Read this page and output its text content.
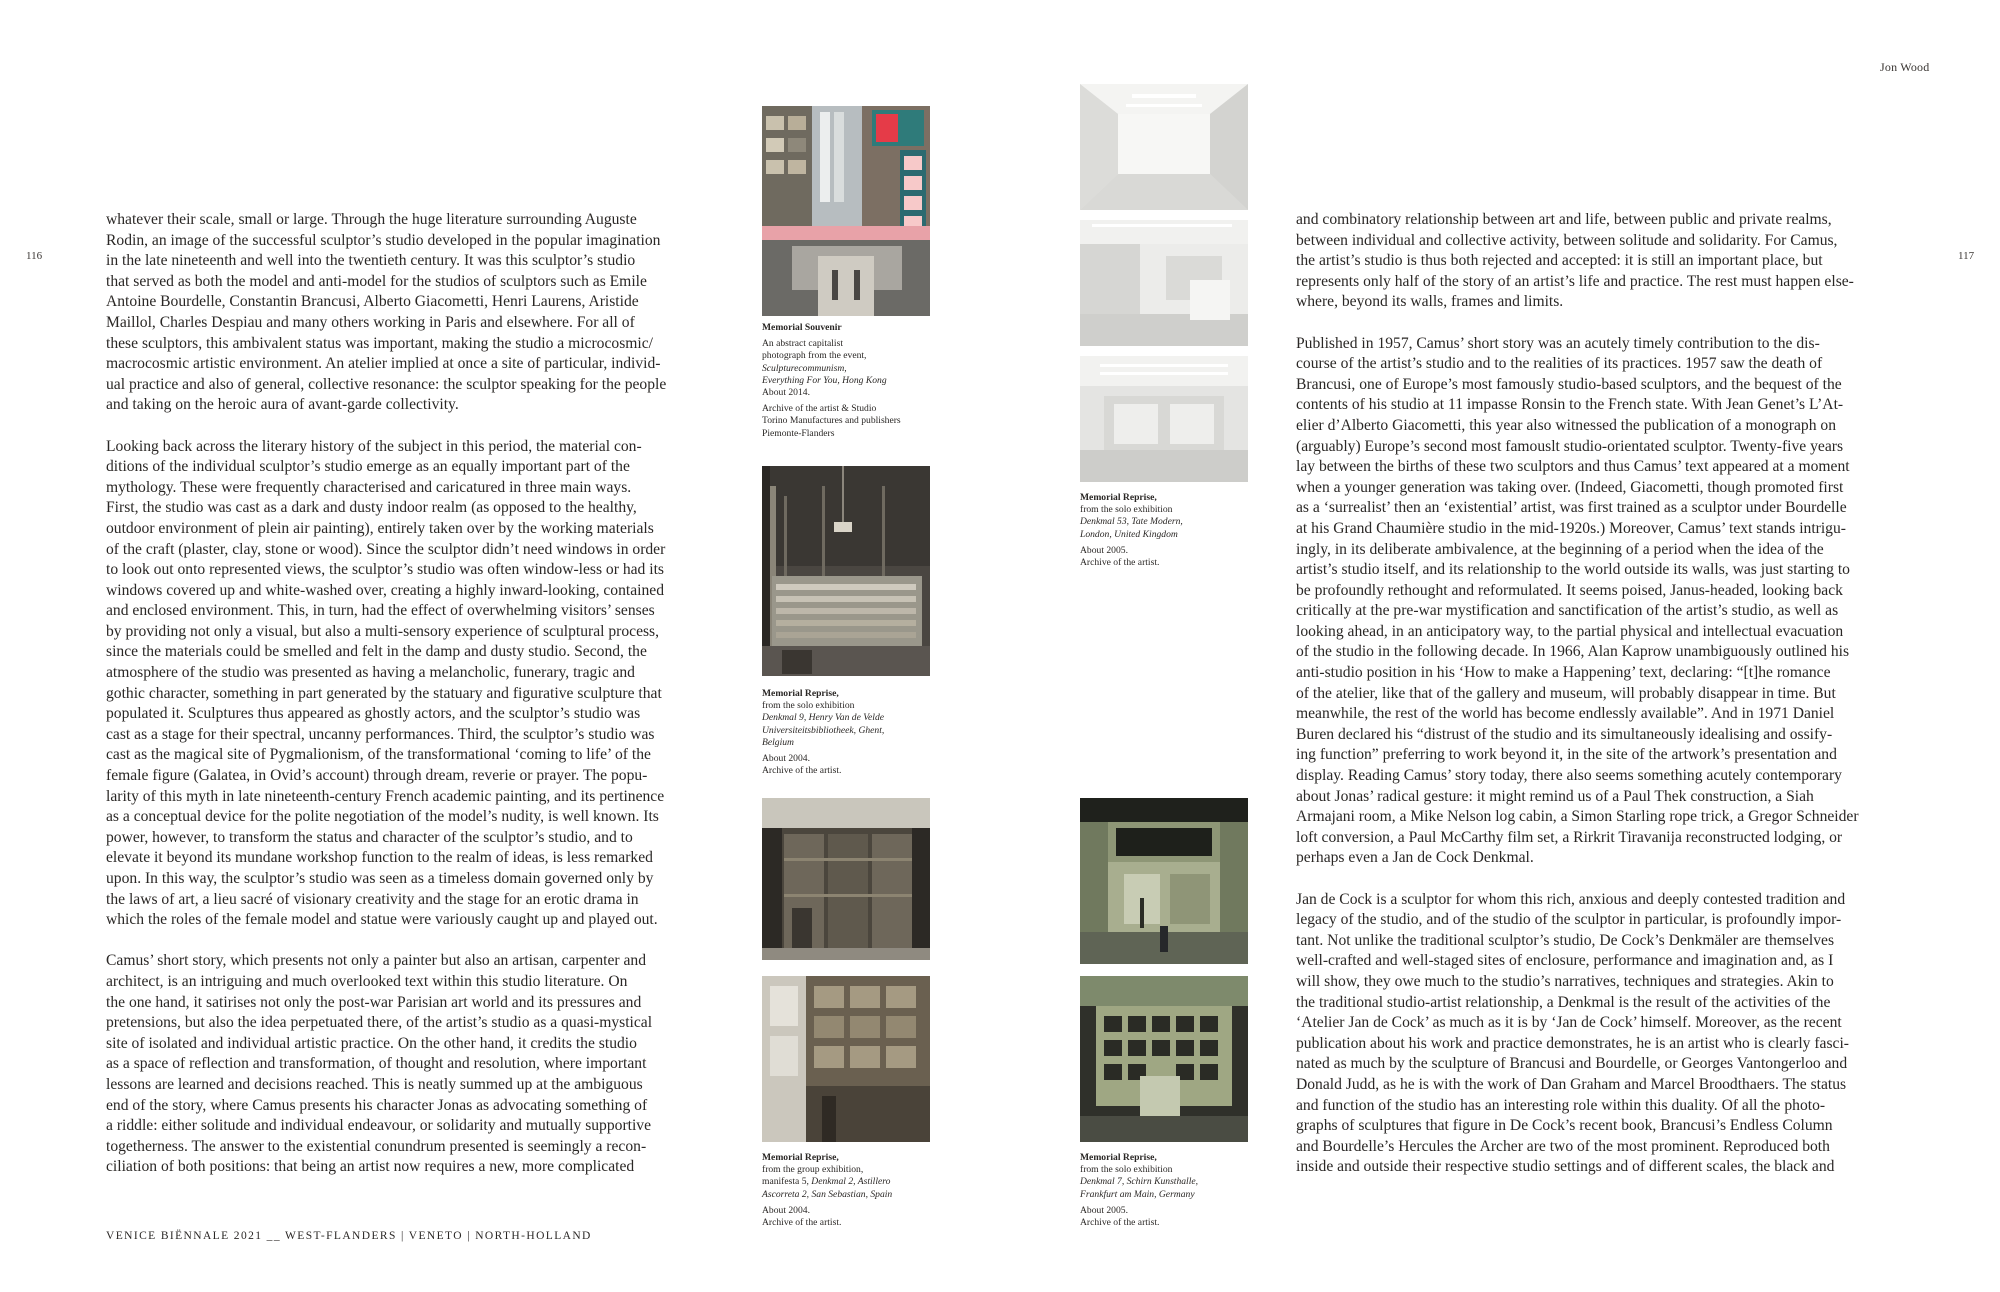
116	117
Jon Wood

whatever their scale, small or large. Through the huge literature surrounding Auguste
Rodin, an image of the successful sculptor’s studio developed in the popular imagination
in the late nineteenth and well into the twentieth century. It was this sculptor’s studio
that served as both the model and anti-model for the studios of sculptors such as Emile
Antoine Bourdelle, Constantin Brancusi, Alberto Giacometti, Henri Laurens, Aristide
Maillol, Charles Despiau and many others working in Paris and elsewhere. For all of
these sculptors, this ambivalent status was important, making the studio a microcosmic/
macrocosmic artistic environment. An atelier implied at once a site of particular, individ-
ual practice and also of general, collective resonance: the sculptor speaking for the people
and taking on the heroic aura of avant-garde collectivity.

Looking back across the literary history of the subject in this period, the material con-
ditions of the individual sculptor’s studio emerge as an equally important part of the
mythology. These were frequently characterised and caricatured in three main ways.
First, the studio was cast as a dark and dusty indoor realm (as opposed to the healthy,
outdoor environment of plein air painting), entirely taken over by the working materials
of the craft (plaster, clay, stone or wood). Since the sculptor didn’t need windows in order
to look out onto represented views, the sculptor’s studio was often window-less or had its
windows covered up and white-washed over, creating a highly inward-looking, contained
and enclosed environment. This, in turn, had the effect of overwhelming visitors’ senses
by providing not only a visual, but also a multi-sensory experience of sculptural process,
since the materials could be smelled and felt in the damp and dusty studio. Second, the
atmosphere of the studio was presented as having a melancholic, funerary, tragic and
gothic character, something in part generated by the statuary and figurative sculpture that
populated it. Sculptures thus appeared as ghostly actors, and the sculptor’s studio was
cast as a stage for their spectral, uncanny performances. Third, the sculptor’s studio was
cast as the magical site of Pygmalionism, of the transformational ‘coming to life’ of the
female figure (Galatea, in Ovid’s account) through dream, reverie or prayer. The popu-
larity of this myth in late nineteenth-century French academic painting, and its pertinence
as a conceptual device for the polite negotiation of the model’s nudity, is well known. Its
power, however, to transform the status and character of the sculptor’s studio, and to
elevate it beyond its mundane workshop function to the realm of ideas, is less remarked
upon. In this way, the sculptor’s studio was seen as a timeless domain governed only by
the laws of art, a lieu sacré of visionary creativity and the stage for an erotic drama in
which the roles of the female model and statue were variously caught up and played out.

Camus’ short story, which presents not only a painter but also an artisan, carpenter and
architect, is an intriguing and much overlooked text within this studio literature. On
the one hand, it satirises not only the post-war Parisian art world and its pressures and
pretensions, but also the idea perpetuated there, of the artist’s studio as a quasi-mystical
site of isolated and individual artistic practice. On the other hand, it credits the studio
as a space of reflection and transformation, of thought and resolution, where important
lessons are learned and decisions reached. This is neatly summed up at the ambiguous
end of the story, where Camus presents his character Jonas as advocating something of
a riddle: either solitude and individual endeavour, or solidarity and mutually supportive
togetherness. The answer to the existential conundrum presented is seemingly a recon-
ciliation of both positions: that being an artist now requires a new, more complicated

and combinatory relationship between art and life, between public and private realms,
between individual and collective activity, between solitude and solidarity. For Camus,
the artist’s studio is thus both rejected and accepted: it is still an important place, but
represents only half of the story of an artist’s life and practice. The rest must happen else-
where, beyond its walls, frames and limits.

Published in 1957, Camus’ short story was an acutely timely contribution to the dis-
course of the artist’s studio and to the realities of its practices. 1957 saw the death of
Brancusi, one of Europe’s most famously studio-based sculptors, and the bequest of the
contents of his studio at 11 impasse Ronsin to the French state. With Jean Genet’s L’At-
elier d’Alberto Giacometti, this year also witnessed the publication of a monograph on
(arguably) Europe’s second most famouslt studio-orientated sculptor. Twenty-five years
lay between the births of these two sculptors and thus Camus’ text appeared at a moment
when a younger generation was taking over. (Indeed, Giacometti, though promoted first
as a ‘surrealist’ then an ‘existential’ artist, was first trained as a sculptor under Bourdelle
at his Grand Chaumière studio in the mid-1920s.) Moreover, Camus’ text stands intrigu-
ingly, in its deliberate ambivalence, at the beginning of a period when the idea of the
artist’s studio itself, and its relationship to the world outside its walls, was just starting to
be profoundly rethought and reformulated. It seems poised, Janus-headed, looking back
critically at the pre-war mystification and sanctification of the artist’s studio, as well as
looking ahead, in an anticipatory way, to the partial physical and intellectual evacuation
of the studio in the following decade. In 1966, Alan Kaprow unambiguously outlined his
anti-studio position in his ‘How to make a Happening’ text, declaring: “[t]he romance
of the atelier, like that of the gallery and museum, will probably disappear in time. But
meanwhile, the rest of the world has become endlessly available”. And in 1971 Daniel
Buren declared his “distrust of the studio and its simultaneously idealising and ossify-
ing function” preferring to work beyond it, in the site of the artwork’s presentation and
display. Reading Camus’ story today, there also seems something acutely contemporary
about Jonas’ radical gesture: it might remind us of a Paul Thek construction, a Siah
Armajani room, a Mike Nelson log cabin, a Simon Starling rope trick, a Gregor Schneider
loft conversion, a Paul McCarthy film set, a Rirkrit Tiravanija reconstructed lodging, or
perhaps even a Jan de Cock Denkmal.

Jan de Cock is a sculptor for whom this rich, anxious and deeply contested tradition and
legacy of the studio, and of the studio of the sculptor in particular, is profoundly impor-
tant. Not unlike the traditional sculptor’s studio, De Cock’s Denkmäler are themselves
well-crafted and well-staged sites of enclosure, performance and imagination and, as I
will show, they owe much to the studio’s narratives, techniques and strategies. Akin to
the traditional studio-artist relationship, a Denkmal is the result of the activities of the
‘Atelier Jan de Cock’ as much as it is by ‘Jan de Cock’ himself. Moreover, as the recent
publication about his work and practice demonstrates, he is an artist who is clearly fasci-
nated as much by the sculpture of Brancusi and Bourdelle, or Georges Vantongerloo and
Donald Judd, as he is with the work of Dan Graham and Marcel Broodthaers. The status
and function of the studio has an interesting role within this duality. Of all the photo-
graphs of sculptures that figure in De Cock’s recent book, Brancusi’s Endless Column
and Bourdelle’s Hercules the Archer are two of the most prominent. Reproduced both
inside and outside their respective studio settings and of different scales, the black and

VENICE BIËNNALE 2021 __ WEST-FLANDERS | VENETO | NORTH-HOLLAND
Memorial Souvenir
An abstract capitalist
photograph from the event,
Sculpturecommunism,
Everything For You, Hong Kong
About 2014.
Archive of the artist & Studio
Torino Manufactures and publishers
Piemonte-Flanders
Memorial Reprise,
from the solo exhibition
Denkmal 9, Henry Van de Velde
Universiteitsbibliotheek, Ghent,
Belgium
About 2004.
Archive of the artist.
Memorial Reprise,
from the group exhibition,
manifesta 5, Denkmal 2, Astillero
Ascorreta 2, San Sebastian, Spain
About 2004.
Archive of the artist.
Memorial Reprise,
from the solo exhibition
Denkmal 53, Tate Modern,
London, United Kingdom
About 2005.
Archive of the artist.
Memorial Reprise,
from the solo exhibition
Denkmal 7, Schirn Kunsthalle,
Frankfurt am Main, Germany
About 2005.
Archive of the artist.
